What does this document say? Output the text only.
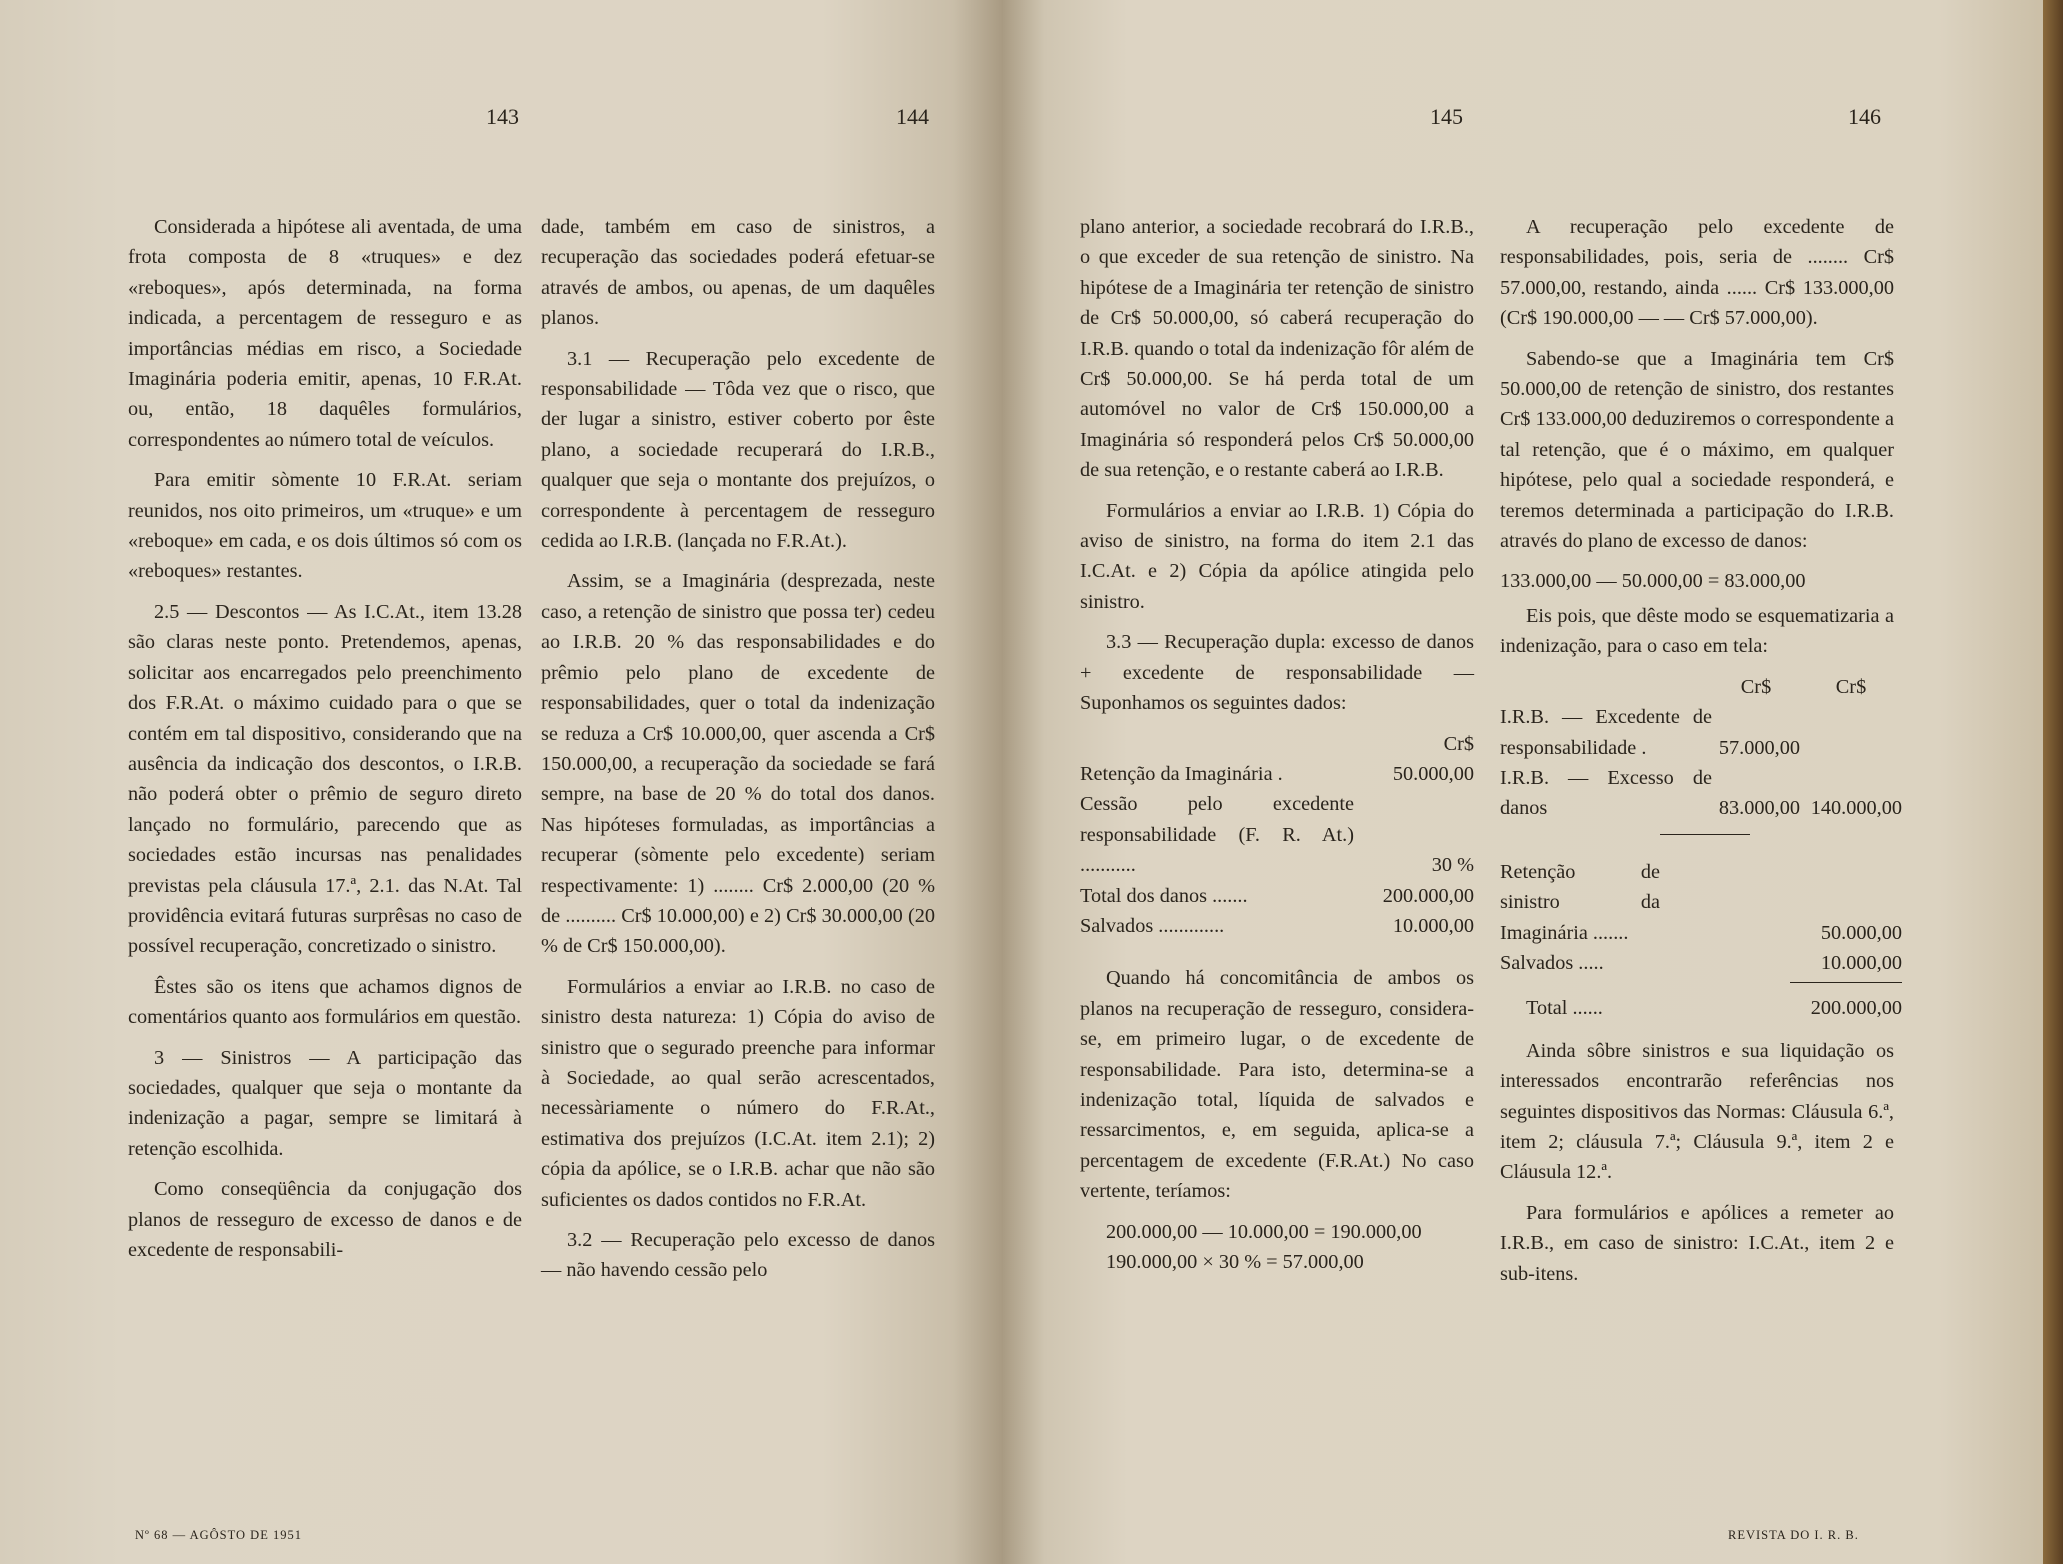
143	144	145	146

Considerada a hipótese ali aventada, de uma frota composta de 8 «truques» e dez «reboques», após determinada, na forma indicada, a percentagem de resseguro e as importâncias médias em risco, a Sociedade Imaginária poderia emitir, apenas, 10 F.R.At. ou, então, 18 daquêles formulários, correspondentes ao número total de veículos.

Para emitir sòmente 10 F.R.At. seriam reunidos, nos oito primeiros, um «truque» e um «reboque» em cada, e os dois últimos só com os «reboques» restantes.

2.5 — Descontos — As I.C.At., item 13.28 são claras neste ponto. Pretendemos, apenas, solicitar aos encarregados pelo preenchimento dos F.R.At. o máximo cuidado para o que se contém em tal dispositivo, considerando que na ausência da indicação dos descontos, o I.R.B. não poderá obter o prêmio de seguro direto lançado no formulário, parecendo que as sociedades estão incursas nas penalidades previstas pela cláusula 17.ª, 2.1. das N.At. Tal providência evitará futuras surprêsas no caso de possível recuperação, concretizado o sinistro.

Êstes são os itens que achamos dignos de comentários quanto aos formulários em questão.

3 — Sinistros — A participação das sociedades, qualquer que seja o montante da indenização a pagar, sempre se limitará à retenção escolhida.

Como conseqüência da conjugação dos planos de resseguro de excesso de danos e de excedente de responsabili-

dade, também em caso de sinistros, a recuperação das sociedades poderá efetuar-se através de ambos, ou apenas, de um daquêles planos.

3.1 — Recuperação pelo excedente de responsabilidade — Tôda vez que o risco, que der lugar a sinistro, estiver coberto por êste plano, a sociedade recuperará do I.R.B., qualquer que seja o montante dos prejuízos, o correspondente à percentagem de resseguro cedida ao I.R.B. (lançada no F.R.At.).

Assim, se a Imaginária (desprezada, neste caso, a retenção de sinistro que possa ter) cedeu ao I.R.B. 20 % das responsabilidades e do prêmio pelo plano de excedente de responsabilidades, quer o total da indenização se reduza a Cr$ 10.000,00, quer ascenda a Cr$ 150.000,00, a recuperação da sociedade se fará sempre, na base de 20 % do total dos danos. Nas hipóteses formuladas, as importâncias a recuperar (sòmente pelo excedente) seriam respectivamente: 1) ........ Cr$ 2.000,00 (20 % de .......... Cr$ 10.000,00) e 2) Cr$ 30.000,00 (20 % de Cr$ 150.000,00).

Formulários a enviar ao I.R.B. no caso de sinistro desta natureza: 1) Cópia do aviso de sinistro que o segurado preenche para informar à Sociedade, ao qual serão acrescentados, necessàriamente o número do F.R.At., estimativa dos prejuízos (I.C.At. item 2.1); 2) cópia da apólice, se o I.R.B. achar que não são suficientes os dados contidos no F.R.At.

3.2 — Recuperação pelo excesso de danos — não havendo cessão pelo

plano anterior, a sociedade recobrará do I.R.B., o que exceder de sua retenção de sinistro. Na hipótese de a Imaginária ter retenção de sinistro de Cr$ 50.000,00, só caberá recuperação do I.R.B. quando o total da indenização fôr além de Cr$ 50.000,00. Se há perda total de um automóvel no valor de Cr$ 150.000,00 a Imaginária só responderá pelos Cr$ 50.000,00 de sua retenção, e o restante caberá ao I.R.B.

Formulários a enviar ao I.R.B. 1) Cópia do aviso de sinistro, na forma do item 2.1 das I.C.At. e 2) Cópia da apólice atingida pelo sinistro.

3.3 — Recuperação dupla: excesso de danos + excedente de responsabilidade — Suponhamos os seguintes dados:

	Cr$
Retenção da Imaginária .	50.000,00
Cessão pelo excedente responsabilidade (F. R. At.) ...........	30 %
Total dos danos .......	200.000,00
Salvados .............	10.000,00

Quando há concomitância de ambos os planos na recuperação de resseguro, considera-se, em primeiro lugar, o de excedente de responsabilidade. Para isto, determina-se a indenização total, líquida de salvados e ressarcimentos, e, em seguida, aplica-se a percentagem de excedente (F.R.At.) No caso vertente, teríamos:

200.000,00 — 10.000,00 = 190.000,00

190.000,00 × 30 % = 57.000,00

A recuperação pelo excedente de responsabilidades, pois, seria de ........ Cr$ 57.000,00, restando, ainda ...... Cr$ 133.000,00 (Cr$ 190.000,00 — — Cr$ 57.000,00).

Sabendo-se que a Imaginária tem Cr$ 50.000,00 de retenção de sinistro, dos restantes Cr$ 133.000,00 deduziremos o correspondente a tal retenção, que é o máximo, em qualquer hipótese, pelo qual a sociedade responderá, e teremos determinada a participação do I.R.B. através do plano de excesso de danos:

133.000,00 — 50.000,00 = 83.000,00

Eis pois, que dêste modo se esquematizaria a indenização, para o caso em tela:

	Cr$	Cr$
I.R.B. — Excedente de responsabilidade .	57.000,00	
I.R.B. — Excesso de danos	83.000,00	140.000,00
Retenção de sinistro da Imaginária .......	50.000,00
Salvados .....	10.000,00
Total ......	200.000,00

Ainda sôbre sinistros e sua liquidação os interessados encontrarão referências nos seguintes dispositivos das Normas: Cláusula 6.ª, item 2; cláusula 7.ª; Cláusula 9.ª, item 2 e Cláusula 12.ª.

Para formulários e apólices a remeter ao I.R.B., em caso de sinistro: I.C.At., item 2 e sub-itens.

Nº 68 — AGÔSTO DE 1951	REVISTA DO I. R. B.
